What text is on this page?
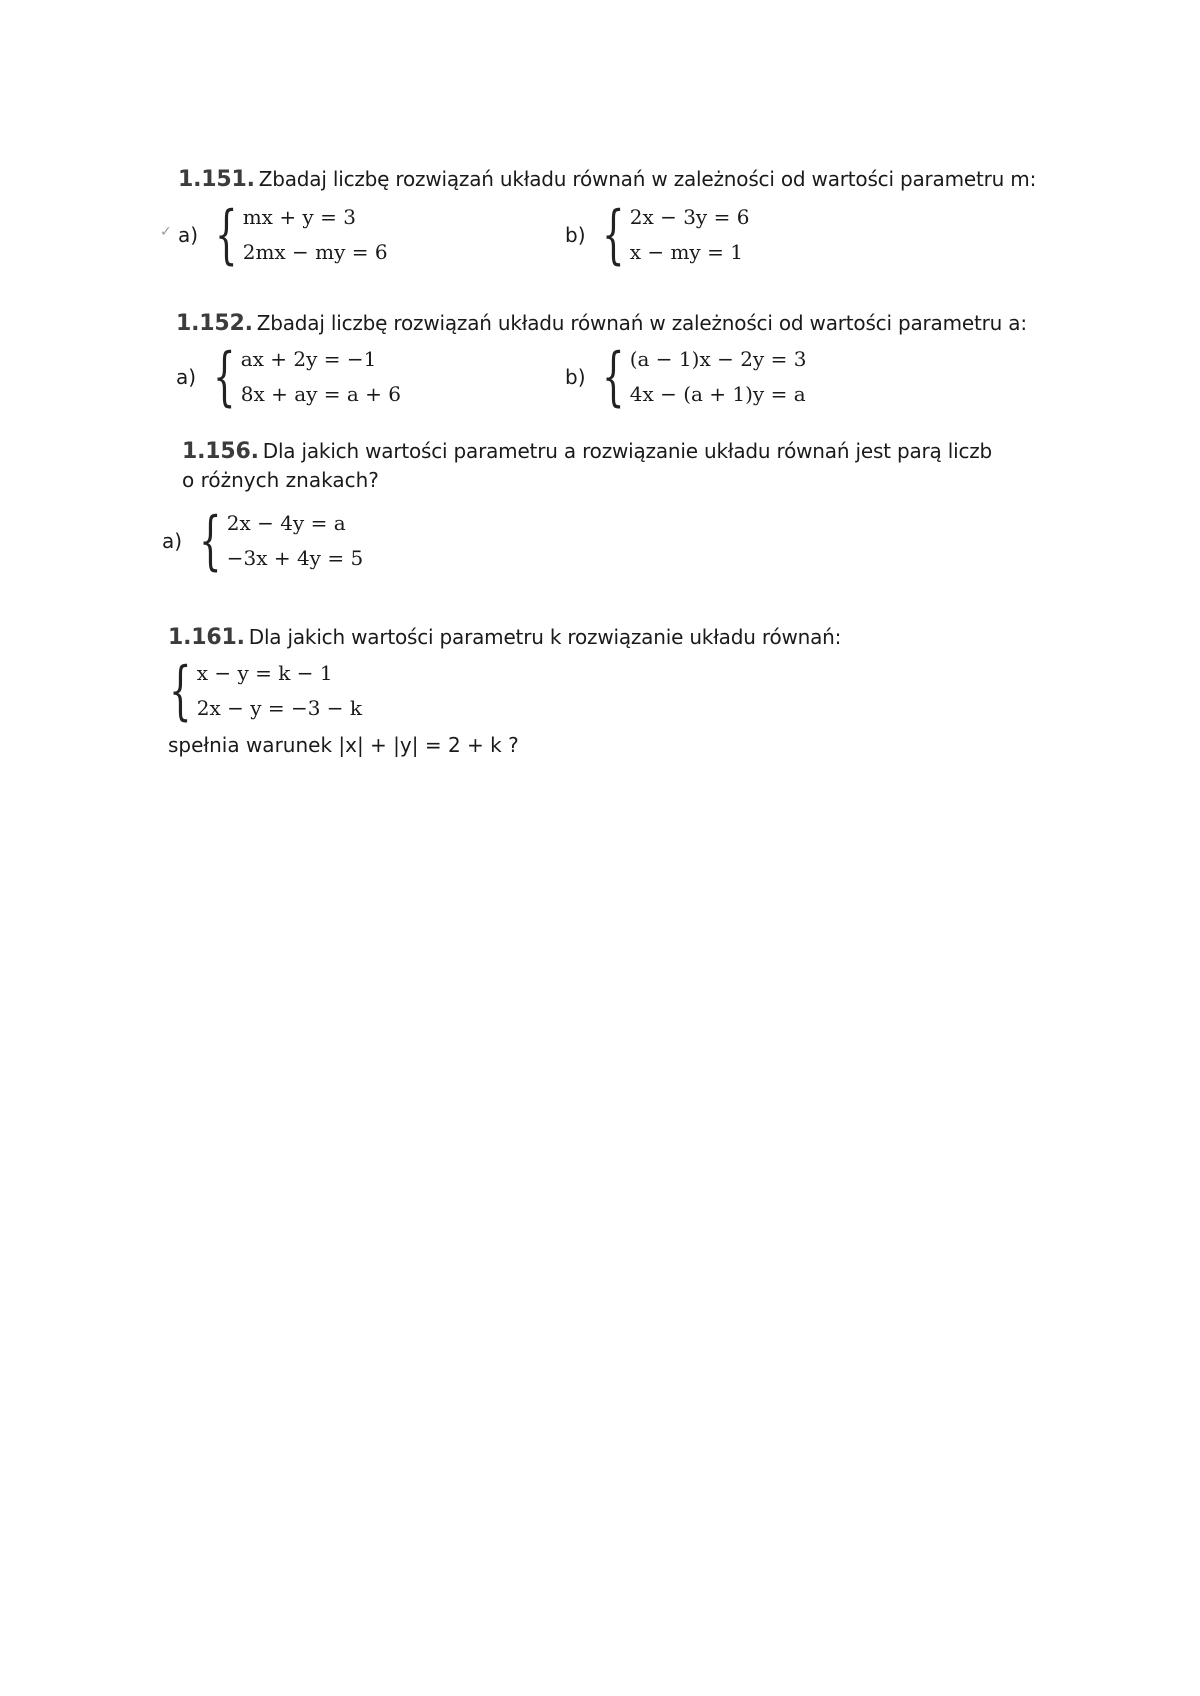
1.151. Zbadaj liczbę rozwiązań układu równań w zależności od wartości parametru m:
✓ a) { mx + y = 3
2mx − my = 6
b) { 2x − 3y = 6
x − my = 1
1.152. Zbadaj liczbę rozwiązań układu równań w zależności od wartości parametru a:
a) { ax + 2y = −1
8x + ay = a + 6
b) { (a − 1)x − 2y = 3
4x − (a + 1)y = a
1.156. Dla jakich wartości parametru a rozwiązanie układu równań jest parą liczb
o różnych znakach?
a) { 2x − 4y = a
−3x + 4y = 5
1.161. Dla jakich wartości parametru k rozwiązanie układu równań:
{ x − y = k − 1
2x − y = −3 − k
spełnia warunek |x| + |y| = 2 + k ?
